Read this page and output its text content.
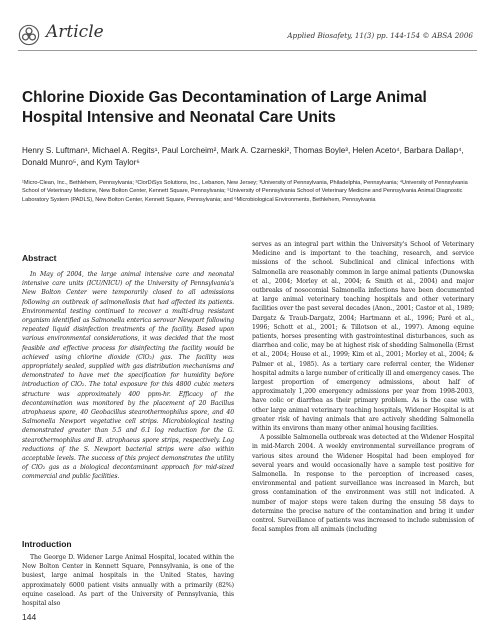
Article	Applied Biosafety, 11(3) pp. 144-154 © ABSA 2006
Chlorine Dioxide Gas Decontamination of Large Animal Hospital Intensive and Neonatal Care Units
Henry S. Luftman¹, Michael A. Regits¹, Paul Lorcheim², Mark A. Czarneski², Thomas Boyle³, Helen Aceto⁴, Barbara Dallap⁴, Donald Munro⁵, and Kym Taylor⁶
¹Micro-Clean, Inc., Bethlehem, Pennsylvania; ²ClorDiSys Solutions, Inc., Lebanon, New Jersey; ³University of Pennsylvania, Philadelphia, Pennsylvania; ⁴University of Pennsylvania School of Veterinary Medicine, New Bolton Center, Kennett Square, Pennsylvania; ⁵University of Pennsylvania School of Veterinary Medicine and Pennsylvania Animal Diagnostic Laboratory System (PADLS), New Bolton Center, Kennett Square, Pennsylvania; and ⁶Microbiological Environments, Bethlehem, Pennsylvania
Abstract

In May of 2004, the large animal intensive care and neonatal intensive care units (ICU/NICU) of the University of Pennsylvania's New Bolton Center were temporarily closed to all admissions following an outbreak of salmonellosis that had affected its patients. Environmental testing continued to recover a multi-drug resistant organism identified as Salmonella enterica serovar Newport following repeated liquid disinfection treatments of the facility. Based upon various environmental considerations, it was decided that the most feasible and effective process for disinfecting the facility would be achieved using chlorine dioxide (ClO₂) gas. The facility was appropriately sealed, supplied with gas distribution mechanisms and demonstrated to have met the specification for humidity before introduction of ClO₂. The total exposure for this 4800 cubic meters structure was approximately 400 ppm-hr. Efficacy of the decontamination was monitored by the placement of 20 Bacillus atrophaeus spore, 40 Geobacillus stearothermophilus spore, and 40 Salmonella Newport vegetative cell strips. Microbiological testing demonstrated greater than 5.5 and 6.1 log reduction for the G. stearothermophilus and B. atrophaeus spore strips, respectively. Log reductions of the S. Newport bacterial strips were also within acceptable levels. The success of this project demonstrates the utility of ClO₂ gas as a biological decontaminant approach for mid-sized commercial and public facilities.

Introduction

The George D. Widener Large Animal Hospital, located within the New Bolton Center in Kennett Square, Pennsylvania, is one of the busiest, large animal hospitals in the United States, having approximately 6000 patient visits annually with a primarily (82%) equine caseload. As part of the University of Pennsylvania, this hospital also

serves as an integral part within the University's School of Veterinary Medicine and is important to the teaching, research, and service missions of the school. Subclinical and clinical infections with Salmonella are reasonably common in large animal patients (Dunowska et al., 2004; Morley et al., 2004; & Smith et al., 2004) and major outbreaks of nosocomial Salmonella infections have been documented at large animal veterinary teaching hospitals and other veterinary facilities over the past several decades (Anon., 2001; Castor et al., 1989; Dargatz & Traub-Dargatz, 2004; Hartmann et al., 1996; Paré et al., 1996; Schott et al., 2001; & Tillotson et al., 1997). Among equine patients, horses presenting with gastrointestinal disturbances, such as diarrhea and colic, may be at highest risk of shedding Salmonella (Ernst et al., 2004; House et al., 1999; Kim et al., 2001; Morley et al., 2004; & Palmer et al., 1985). As a tertiary care referral center, the Widener hospital admits a large number of critically ill and emergency cases. The largest proportion of emergency admissions, about half of approximately 1,200 emergency admissions per year from 1998-2003, have colic or diarrhea as their primary problem. As is the case with other large animal veterinary teaching hospitals, Widener Hospital is at greater risk of having animals that are actively shedding Salmonella within its environs than many other animal housing facilities.

A possible Salmonella outbreak was detected at the Widener Hospital in mid-March 2004. A weekly environmental surveillance program of various sites around the Widener Hospital had been employed for several years and would occasionally have a sample test positive for Salmonella. In response to the perception of increased cases, environmental and patient surveillance was increased in March, but gross contamination of the environment was still not indicated. A number of major steps were taken during the ensuing 58 days to determine the precise nature of the contamination and bring it under control. Surveillance of patients was increased to include submission of fecal samples from all animals (including

144
